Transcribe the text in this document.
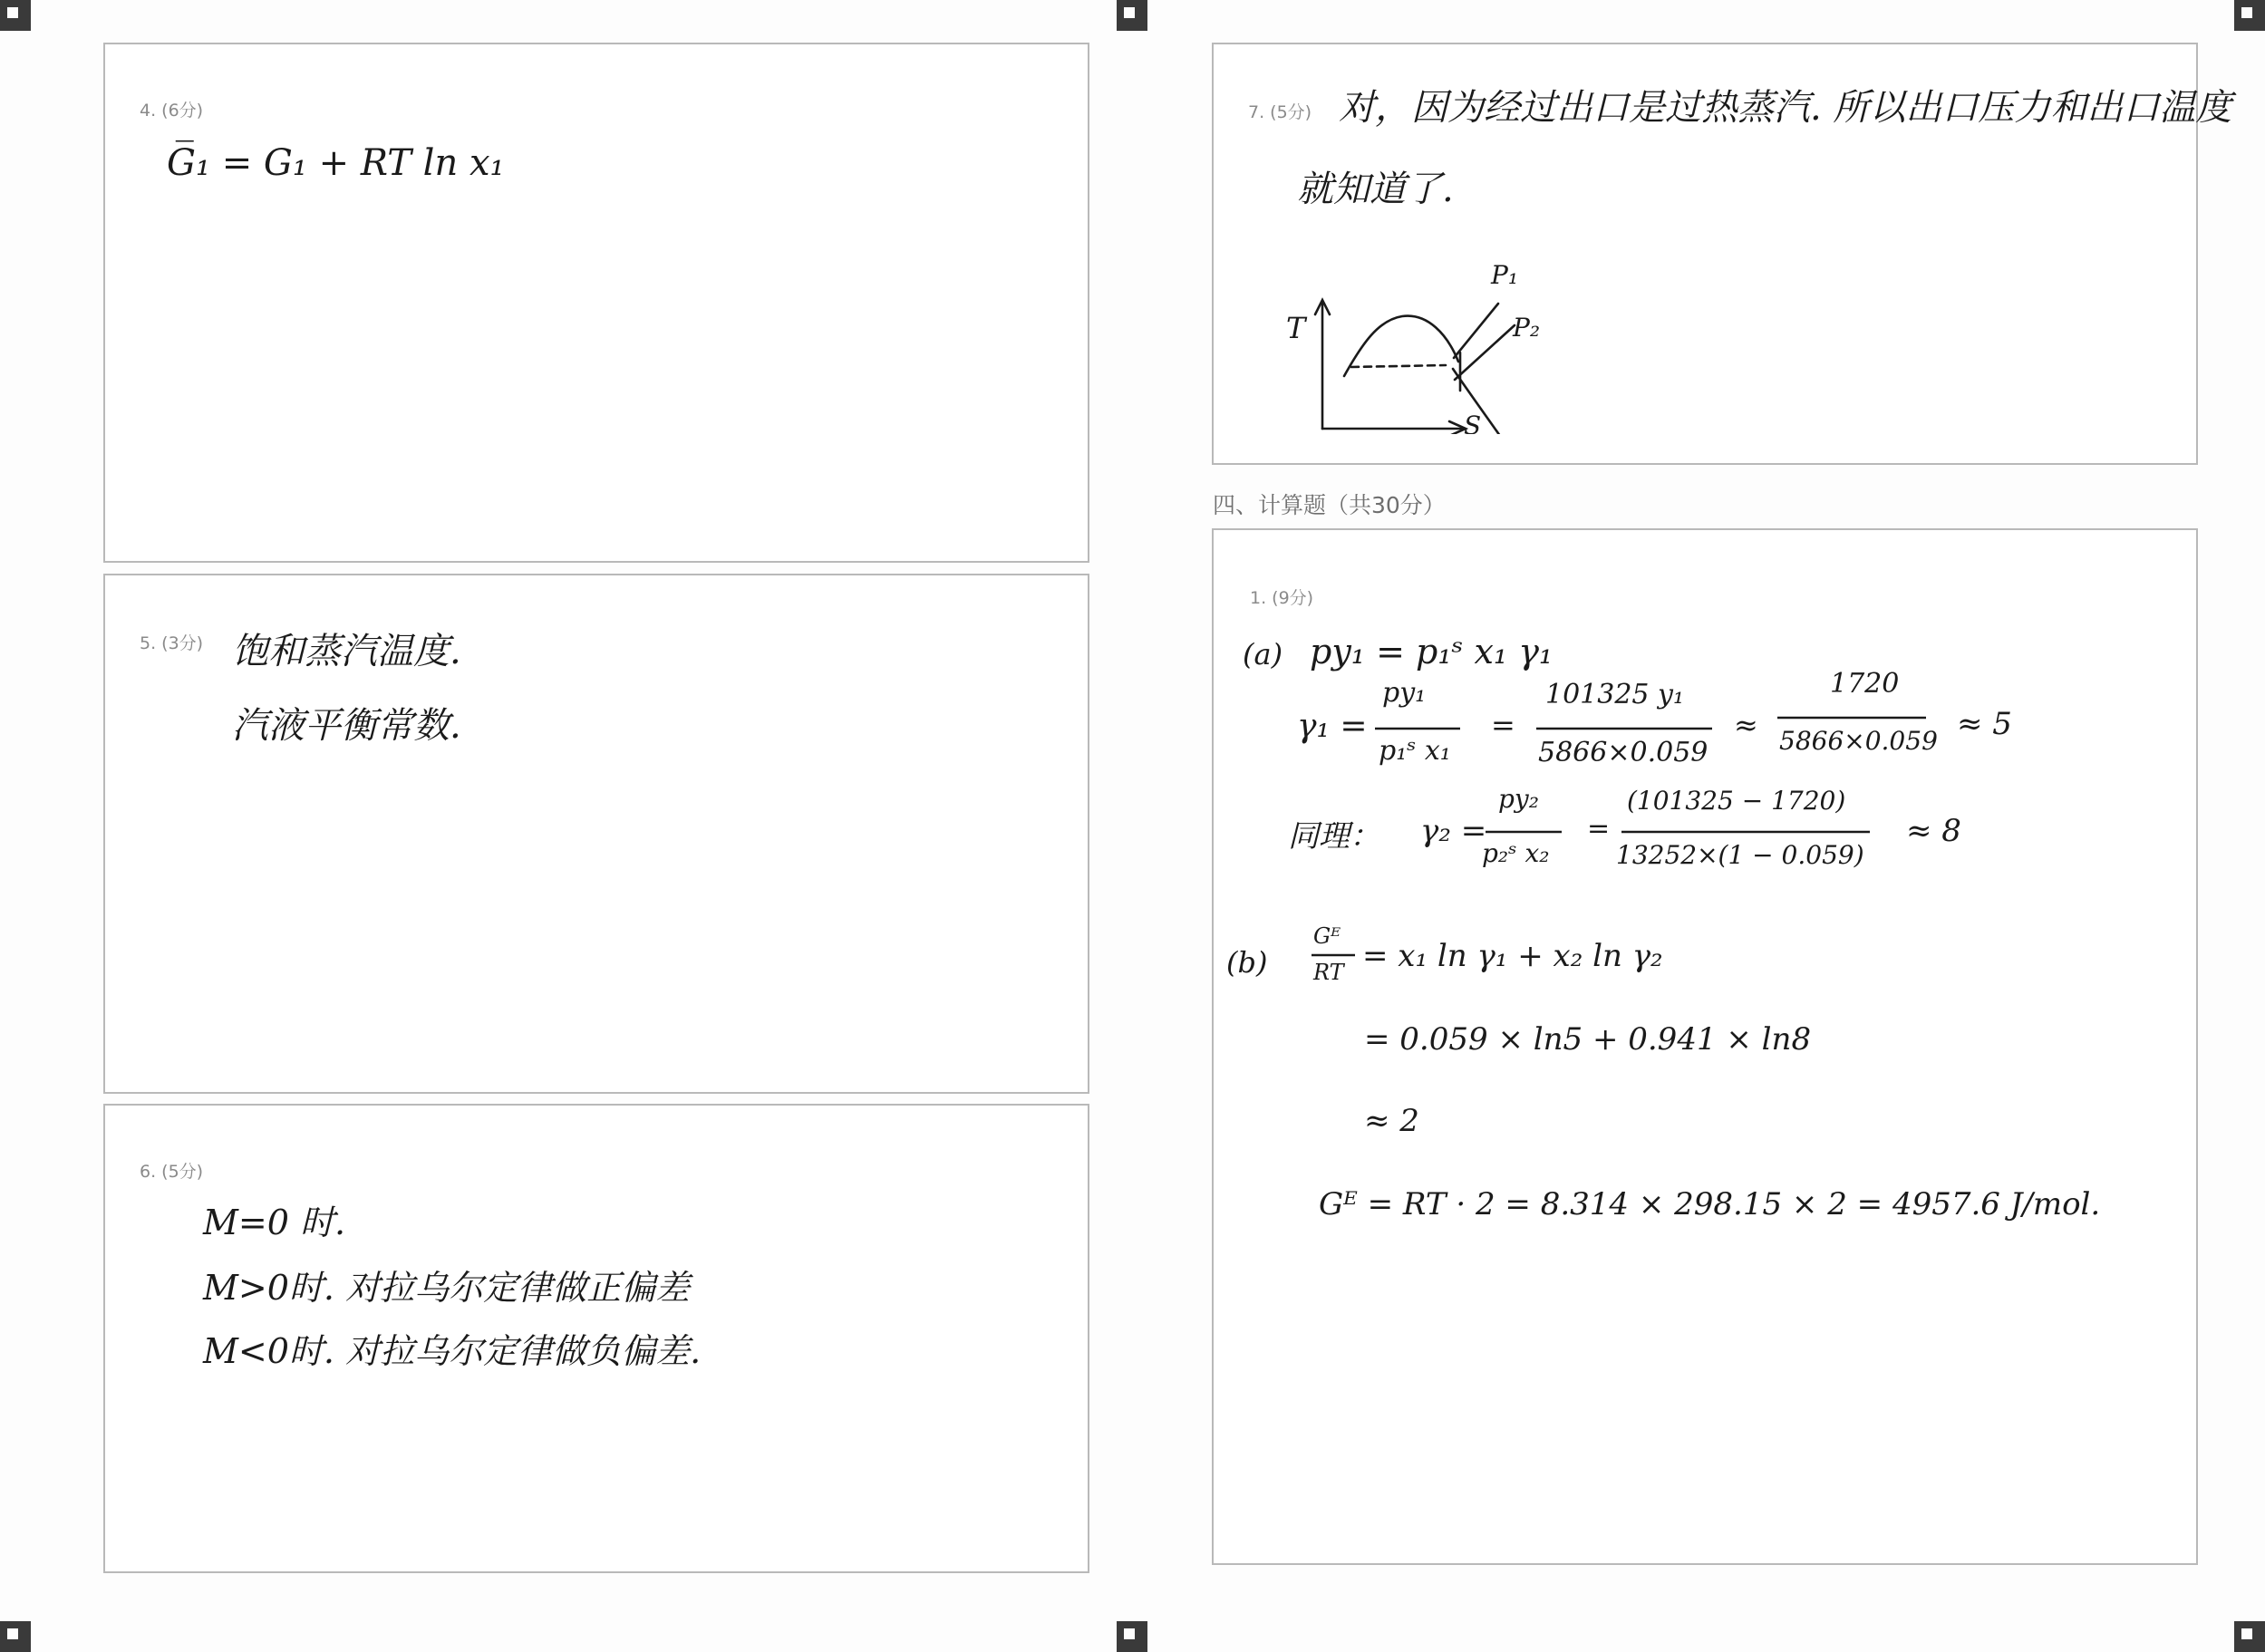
4. (6分)
G̅₁ = G₁ + RT ln x₁
5. (3分) 饱和蒸汽温度.
汽液平衡常数.
6. (5分)
M=0 时.
M>0时. 对拉乌尔定律做正偏差
M<0时. 对拉乌尔定律做负偏差.
7. (5分) 对，因为经过出口是过热蒸汽. 所以出口压力和出口温度
就知道了.
T
S
P₁
P₂
四、计算题（共30分）
1. (9分)
(a) py₁ = p₁ˢ x₁ γ₁
γ₁ =
py₁
p₁ˢ x₁
=
101325 y₁
5866×0.059
≈
1720
5866×0.059 ≈ 5
同理： γ₂ =
py₂
p₂ˢ x₂
=
(101325 − 1720)
13252×(1 − 0.059)
≈ 8
(b)
Gᴱ
RT = x₁ ln γ₁ + x₂ ln γ₂
= 0.059 × ln5 + 0.941 × ln8
≈ 2
Gᴱ = RT · 2 = 8.314 × 298.15 × 2 = 4957.6 J/mol.
